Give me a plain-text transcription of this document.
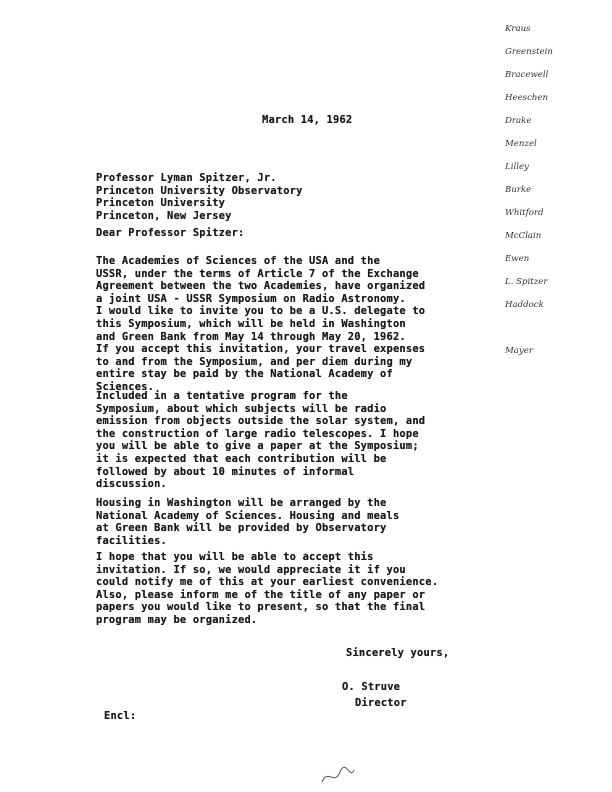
March 14, 1962
Professor Lyman Spitzer, Jr.
Princeton University Observatory
Princeton University
Princeton, New Jersey
Dear Professor Spitzer:
The Academies of Sciences of the USA and the
USSR, under the terms of Article 7 of the Exchange
Agreement between the two Academies, have organized
a joint USA - USSR Symposium on Radio Astronomy.
I would like to invite you to be a U.S. delegate to
this Symposium, which will be held in Washington
and Green Bank from May 14 through May 20, 1962.
If you accept this invitation, your travel expenses
to and from the Symposium, and per diem during my
entire stay be paid by the National Academy of
Sciences.
Included in a tentative program for the
Symposium, about which subjects will be radio
emission from objects outside the solar system, and
the construction of large radio telescopes. I hope
you will be able to give a paper at the Symposium;
it is expected that each contribution will be
followed by about 10 minutes of informal
discussion.
Housing in Washington will be arranged by the
National Academy of Sciences. Housing and meals
at Green Bank will be provided by Observatory
facilities.
I hope that you will be able to accept this
invitation. If so, we would appreciate it if you
could notify me of this at your earliest convenience.
Also, please inform me of the title of any paper or
papers you would like to present, so that the final
program may be organized.
Sincerely yours,
O. Struve
Director
Encl:
Kraus
Greenstein
Bracewell
Heeschen
Drake
Menzel
Lilley
Burke
Whitford
McClain
Ewen
L. Spitzer
Haddock
Mayer
